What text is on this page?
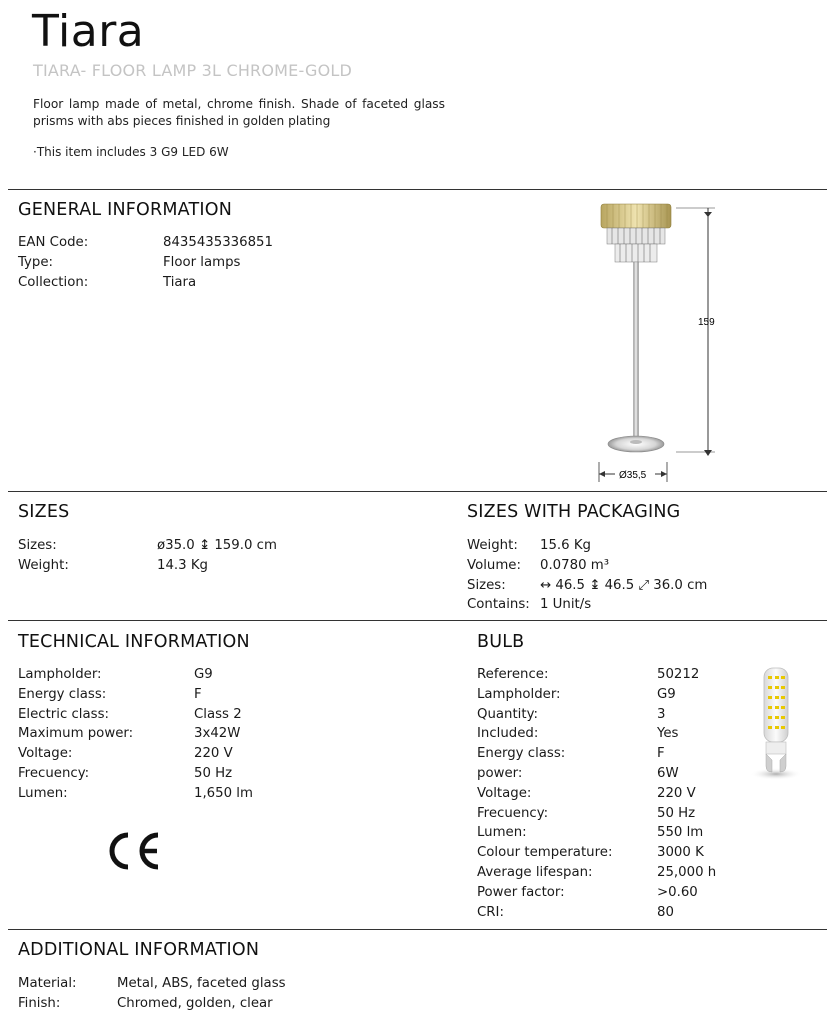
Tiara
TIARA- FLOOR LAMP 3L CHROME-GOLD
Floor lamp made of metal, chrome finish. Shade of faceted glass prisms with abs pieces finished in golden plating
·This item includes 3 G9 LED 6W
GENERAL INFORMATION
EAN Code:	8435435336851
Type:	Floor lamps
Collection:	Tiara
159
Ø35,5
SIZES
Sizes:	ø35.0 ↨ 159.0 cm
Weight:	14.3 Kg
SIZES WITH PACKAGING
Weight:	15.6 Kg
Volume:	0.0780 m³
Sizes:	↔ 46.5 ↨ 46.5 ⤢ 36.0 cm
Contains: 1 Unit/s
TECHNICAL INFORMATION
Lampholder:	G9
Energy class:	F
Electric class:	Class 2
Maximum power:	3x42W
Voltage:	220 V
Frecuency:	50 Hz
Lumen:	1,650 lm
BULB
Reference:	50212
Lampholder:	G9
Quantity:	3
Included:	Yes
Energy class:	F
power:	6W
Voltage:	220 V
Frecuency:	50 Hz
Lumen:	550 lm
Colour temperature:	3000 K
Average lifespan:	25,000 h
Power factor:	>0.60
CRI:	80
ADDITIONAL INFORMATION
Material:	Metal, ABS, faceted glass
Finish:	Chromed, golden, clear
